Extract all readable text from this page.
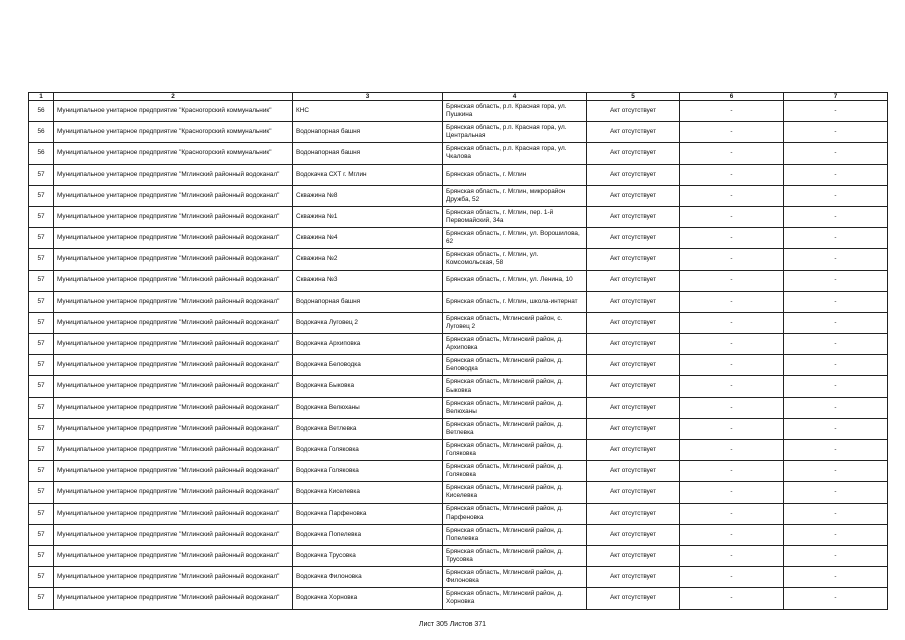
1	2	3	4	5	6	7
56	Муниципальное унитарное предприятие "Красногорский коммунальник"	КНС	Брянская область, р.п. Красная гора, ул. Пушкина	Акт отсутствует	-	-
56	Муниципальное унитарное предприятие "Красногорский коммунальник"	Водонапорная башня	Брянская область, р.п. Красная гора, ул. Центральная	Акт отсутствует	-	-
56	Муниципальное унитарное предприятие "Красногорский коммунальник"	Водонапорная башня	Брянская область, р.п. Красная гора, ул. Чкалова	Акт отсутствует	-	-
57	Муниципальное унитарное предприятие "Мглинский районный водоканал"	Водокачка СХТ г. Мглин	Брянская область, г. Мглин	Акт отсутствует	-	-
57	Муниципальное унитарное предприятие "Мглинский районный водоканал"	Скважина №8	Брянская область, г. Мглин, микрорайон Дружба, 52	Акт отсутствует	-	-
57	Муниципальное унитарное предприятие "Мглинский районный водоканал"	Скважина №1	Брянская область, г. Мглин, пер. 1-й Первомайский, 34а	Акт отсутствует	-	-
57	Муниципальное унитарное предприятие "Мглинский районный водоканал"	Скважина №4	Брянская область, г. Мглин, ул. Ворошилова, 62	Акт отсутствует	-	-
57	Муниципальное унитарное предприятие "Мглинский районный водоканал"	Скважина №2	Брянская область, г. Мглин, ул. Комсомольская, 58	Акт отсутствует	-	-
57	Муниципальное унитарное предприятие "Мглинский районный водоканал"	Скважина №3	Брянская область, г. Мглин, ул. Ленина, 10	Акт отсутствует	-	-
57	Муниципальное унитарное предприятие "Мглинский районный водоканал"	Водонапорная башня	Брянская область, г. Мглин, школа-интернат	Акт отсутствует	-	-
57	Муниципальное унитарное предприятие "Мглинский районный водоканал"	Водокачка Луговец 2	Брянская область, Мглинский район, с. Луговец 2	Акт отсутствует	-	-
57	Муниципальное унитарное предприятие "Мглинский районный водоканал"	Водокачка Архиповка	Брянская область, Мглинский район, д. Архиповка	Акт отсутствует	-	-
57	Муниципальное унитарное предприятие "Мглинский районный водоканал"	Водокачка Беловодка	Брянская область, Мглинский район, д. Беловодка	Акт отсутствует	-	-
57	Муниципальное унитарное предприятие "Мглинский районный водоканал"	Водокачка Быковка	Брянская область, Мглинский район, д. Быковка	Акт отсутствует	-	-
57	Муниципальное унитарное предприятие "Мглинский районный водоканал"	Водокачка Велюханы	Брянская область, Мглинский район, д. Велюханы	Акт отсутствует	-	-
57	Муниципальное унитарное предприятие "Мглинский районный водоканал"	Водокачка Ветлевка	Брянская область, Мглинский район, д. Ветлевка	Акт отсутствует	-	-
57	Муниципальное унитарное предприятие "Мглинский районный водоканал"	Водокачка Голяковка	Брянская область, Мглинский район, д. Голяковка	Акт отсутствует	-	-
57	Муниципальное унитарное предприятие "Мглинский районный водоканал"	Водокачка Голяковка	Брянская область, Мглинский район, д. Голяковка	Акт отсутствует	-	-
57	Муниципальное унитарное предприятие "Мглинский районный водоканал"	Водокачка Киселевка	Брянская область, Мглинский район, д. Киселевка	Акт отсутствует	-	-
57	Муниципальное унитарное предприятие "Мглинский районный водоканал"	Водокачка Парфеновка	Брянская область, Мглинский район, д. Парфеновка	Акт отсутствует	-	-
57	Муниципальное унитарное предприятие "Мглинский районный водоканал"	Водокачка Попелевка	Брянская область, Мглинский район, д. Попелевка	Акт отсутствует	-	-
57	Муниципальное унитарное предприятие "Мглинский районный водоканал"	Водокачка Трусовка	Брянская область, Мглинский район, д. Трусовка	Акт отсутствует	-	-
57	Муниципальное унитарное предприятие "Мглинский районный водоканал"	Водокачка Филоновка	Брянская область, Мглинский район, д. Филоновка	Акт отсутствует	-	-
57	Муниципальное унитарное предприятие "Мглинский районный водоканал"	Водокачка Хорновка	Брянская область, Мглинский район, д. Хорновка	Акт отсутствует	-	-
Лист 305 Листов 371
